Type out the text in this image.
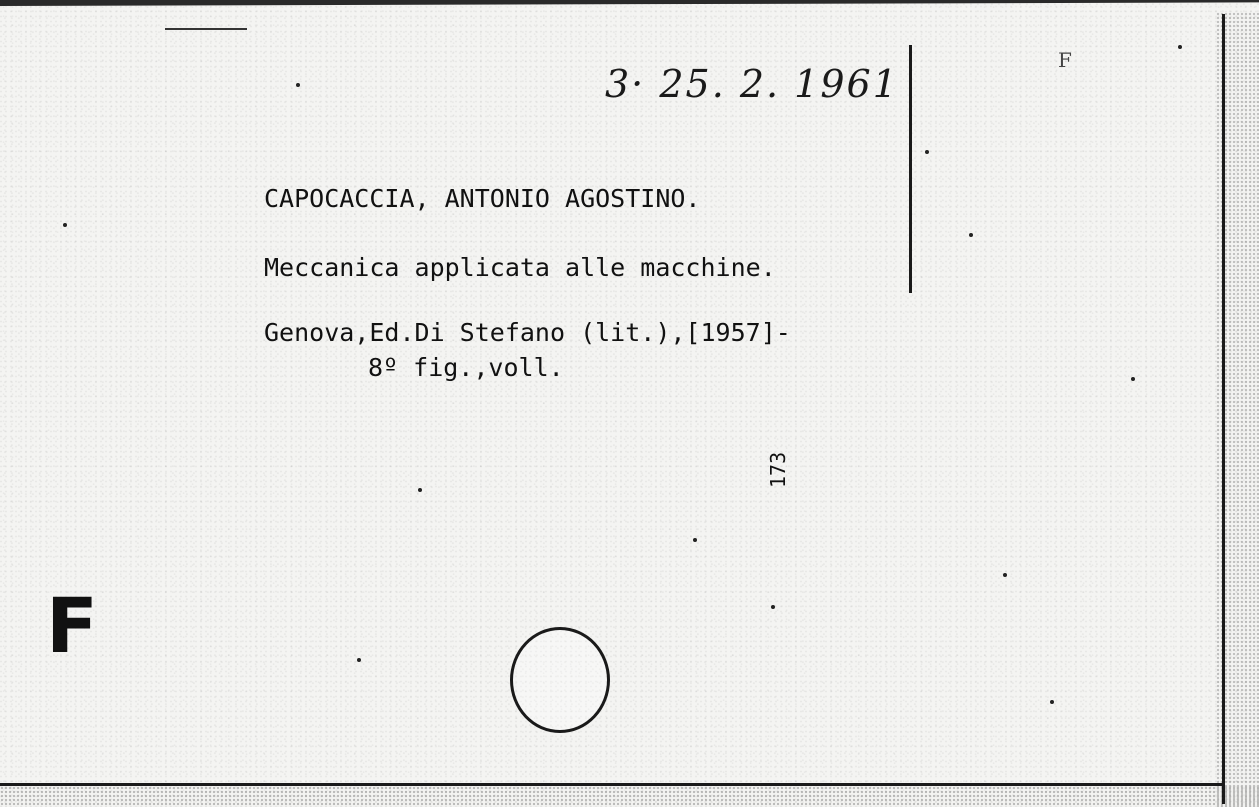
3· 25. 2. 1961
F
CAPOCACCIA, ANTONIO AGOSTINO.
Meccanica applicata alle macchine.
Genova,Ed.Di Stefano (lit.),[1957]-
8º fig.,voll.
173
F
